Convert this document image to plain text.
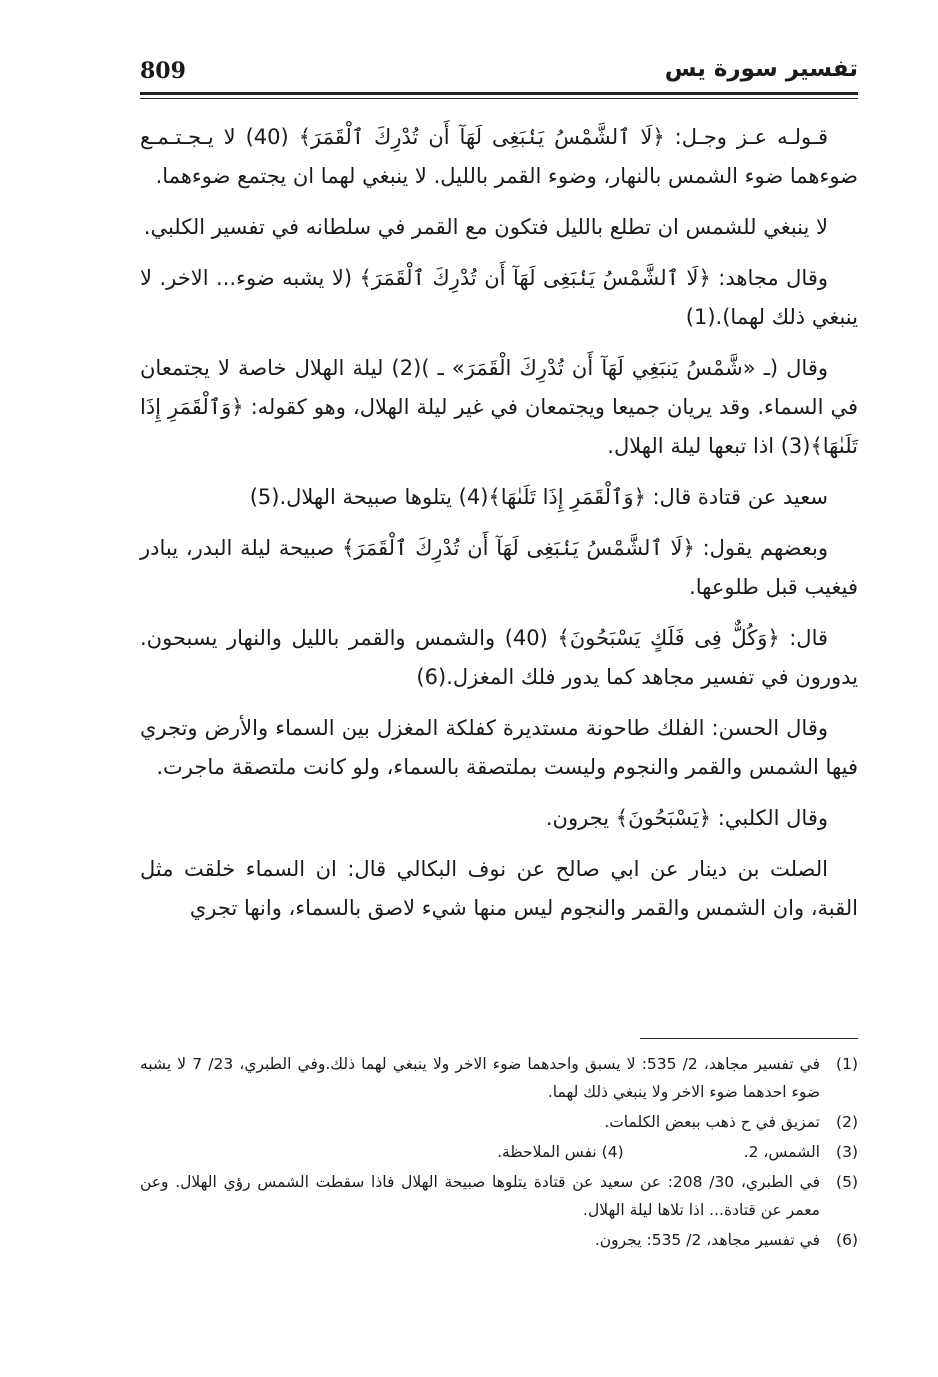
809	تفسير سورة يس

قـولـه عـز وجـل: ﴿لَا ٱلشَّمْسُ يَنۢبَغِى لَهَآ أَن تُدْرِكَ ٱلْقَمَرَ﴾ (40) لا يـجـتـمـع ضوءهما ضوء الشمس بالنهار، وضوء القمر بالليل. لا ينبغي لهما ان يجتمع ضوءهما.

لا ينبغي للشمس ان تطلع بالليل فتكون مع القمر في سلطانه في تفسير الكلبي.

وقال مجاهد: ﴿لَا ٱلشَّمْسُ يَنۢبَغِى لَهَآ أَن تُدْرِكَ ٱلْقَمَرَ﴾ (لا يشبه ضوء... الاخر. لا ينبغي ذلك لهما).(1)

وقال (ـ «شَّمْسُ يَنبَغِي لَهَآ أَن تُدْرِكَ الْقَمَرَ» ـ )(2) ليلة الهلال خاصة لا يجتمعان في السماء. وقد يريان جميعا ويجتمعان في غير ليلة الهلال، وهو كقوله: ﴿وَٱلْقَمَرِ إِذَا تَلَىٰهَا﴾(3) اذا تبعها ليلة الهلال.

سعيد عن قتادة قال: ﴿وَٱلْقَمَرِ إِذَا تَلَىٰهَا﴾(4) يتلوها صبيحة الهلال.(5)

وبعضهم يقول: ﴿لَا ٱلشَّمْسُ يَنۢبَغِى لَهَآ أَن تُدْرِكَ ٱلْقَمَرَ﴾ صبيحة ليلة البدر، يبادر فيغيب قبل طلوعها.

قال: ﴿وَكُلٌّ فِى فَلَكٍ يَسْبَحُونَ﴾ (40) والشمس والقمر بالليل والنهار يسبحون. يدورون في تفسير مجاهد كما يدور فلك المغزل.(6)

وقال الحسن: الفلك طاحونة مستديرة كفلكة المغزل بين السماء والأرض وتجري فيها الشمس والقمر والنجوم وليست بملتصقة بالسماء، ولو كانت ملتصقة ماجرت.

وقال الكلبي: ﴿يَسْبَحُونَ﴾ يجرون.

الصلت بن دينار عن ابي صالح عن نوف البكالي قال: ان السماء خلقت مثل القبة، وان الشمس والقمر والنجوم ليس منها شيء لاصق بالسماء، وانها تجري

(1)
في تفسير مجاهد، 2/ 535: لا يسبق واحدهما ضوء الاخر ولا ينبغي لهما ذلك.وفي الطبري، 23/ 7 لا يشبه ضوء احدهما ضوء الاخر ولا ينبغي ذلك لهما.
(2)
تمزيق في ح ذهب ببعض الكلمات.
(3)
الشمس، 2.
(4) نفس الملاحظة.
(5)
في الطبري، 30/ 208: عن سعيد عن قتادة يتلوها صبيحة الهلال فاذا سقطت الشمس رؤي الهلال. وعن معمر عن قتادة... اذا تلاها ليلة الهلال.
(6)
في تفسير مجاهد، 2/ 535: يجرون.
